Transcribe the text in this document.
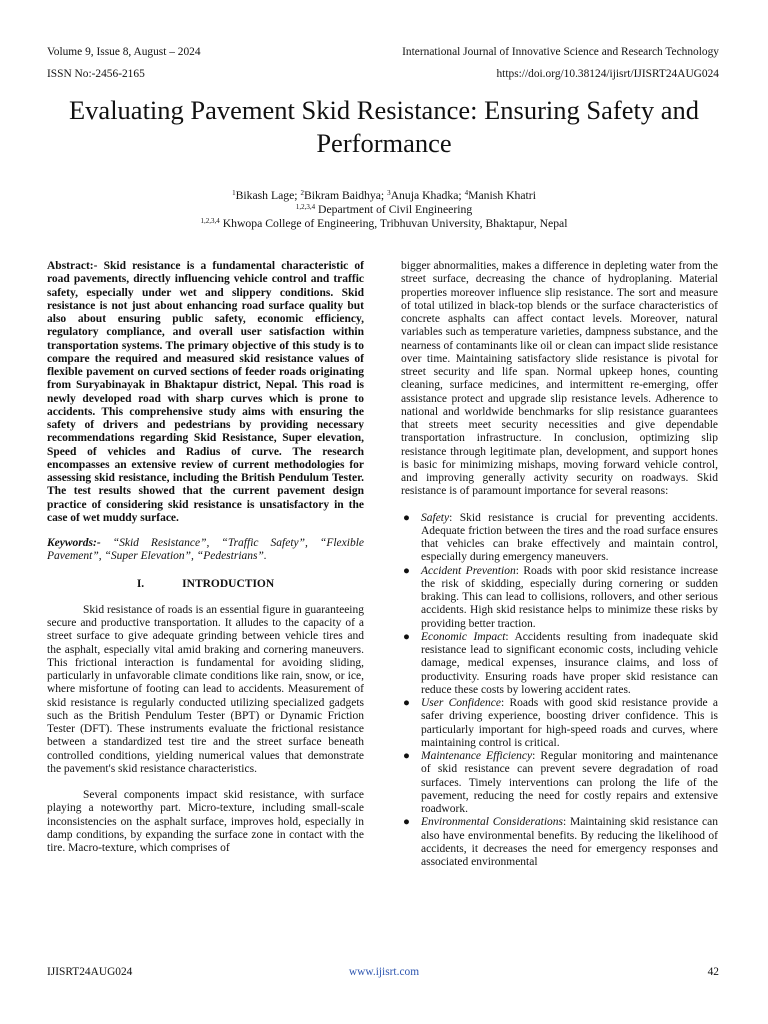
Volume 9, Issue 8, August – 2024	International Journal of Innovative Science and Research Technology
ISSN No:-2456-2165	https://doi.org/10.38124/ijisrt/IJISRT24AUG024
Evaluating Pavement Skid Resistance: Ensuring Safety and Performance
$^1$Bikash Lage; $^2$Bikram Baidhya; $^3$Anuja Khadka; $^4$Manish Khatri
$^{1,2,3,4}$ Department of Civil Engineering
$^{1,2,3,4}$ Khwopa College of Engineering, Tribhuvan University, Bhaktapur, Nepal

Abstract:- Skid resistance is a fundamental characteristic of road pavements, directly influencing vehicle control and traffic safety, especially under wet and slippery conditions. Skid resistance is not just about enhancing road surface quality but also about ensuring public safety, economic efficiency, regulatory compliance, and overall user satisfaction within transportation systems. The primary objective of this study is to compare the required and measured skid resistance values of flexible pavement on curved sections of feeder roads originating from Suryabinayak in Bhaktapur district, Nepal. This road is newly developed road with sharp curves which is prone to accidents. This comprehensive study aims with ensuring the safety of drivers and pedestrians by providing necessary recommendations regarding Skid Resistance, Super elevation, Speed of vehicles and Radius of curve. The research encompasses an extensive review of current methodologies for assessing skid resistance, including the British Pendulum Tester. The test results showed that the current pavement design practice of considering skid resistance is unsatisfactory in the case of wet muddy surface.

Keywords:- “Skid Resistance”, “Traffic Safety”, “Flexible Pavement”, “Super Elevation”, “Pedestrians”.

I.	INTRODUCTION

Skid resistance of roads is an essential figure in guaranteeing secure and productive transportation. It alludes to the capacity of a street surface to give adequate grinding between vehicle tires and the asphalt, especially vital amid braking and cornering maneuvers. This frictional interaction is fundamental for avoiding sliding, particularly in unfavorable climate conditions like rain, snow, or ice, where misfortune of footing can lead to accidents. Measurement of skid resistance is regularly conducted utilizing specialized gadgets such as the British Pendulum Tester (BPT) or Dynamic Friction Tester (DFT). These instruments evaluate the frictional resistance between a standardized test tire and the street surface beneath controlled conditions, yielding numerical values that demonstrate the pavement's skid resistance characteristics.

Several components impact skid resistance, with surface playing a noteworthy part. Micro-texture, including small-scale inconsistencies on the asphalt surface, improves hold, especially in damp conditions, by expanding the surface zone in contact with the tire. Macro-texture, which comprises of

bigger abnormalities, makes a difference in depleting water from the street surface, decreasing the chance of hydroplaning. Material properties moreover influence slip resistance. The sort and measure of total utilized in black-top blends or the surface characteristics of concrete asphalts can affect contact levels. Moreover, natural variables such as temperature varieties, dampness substance, and the nearness of contaminants like oil or clean can impact slide resistance over time. Maintaining satisfactory slide resistance is pivotal for street security and life span. Normal upkeep hones, counting cleaning, surface medicines, and intermittent re-emerging, offer assistance protect and upgrade slip resistance levels. Adherence to national and worldwide benchmarks for slip resistance guarantees that streets meet security necessities and give dependable transportation infrastructure. In conclusion, optimizing slip resistance through legitimate plan, development, and support hones is basic for minimizing mishaps, moving forward vehicle control, and improving generally activity security on roadways. Skid resistance is of paramount importance for several reasons:

● Safety: Skid resistance is crucial for preventing accidents. Adequate friction between the tires and the road surface ensures that vehicles can brake effectively and maintain control, especially during emergency maneuvers.
● Accident Prevention: Roads with poor skid resistance increase the risk of skidding, especially during cornering or sudden braking. This can lead to collisions, rollovers, and other serious accidents. High skid resistance helps to minimize these risks by providing better traction.
● Economic Impact: Accidents resulting from inadequate skid resistance lead to significant economic costs, including vehicle damage, medical expenses, insurance claims, and loss of productivity. Ensuring roads have proper skid resistance can reduce these costs by lowering accident rates.
● User Confidence: Roads with good skid resistance provide a safer driving experience, boosting driver confidence. This is particularly important for high-speed roads and curves, where maintaining control is critical.
● Maintenance Efficiency: Regular monitoring and maintenance of skid resistance can prevent severe degradation of road surfaces. Timely interventions can prolong the life of the pavement, reducing the need for costly repairs and extensive roadwork.
● Environmental Considerations: Maintaining skid resistance can also have environmental benefits. By reducing the likelihood of accidents, it decreases the need for emergency responses and associated environmental
IJISRT24AUG024	www.ijisrt.com	42
